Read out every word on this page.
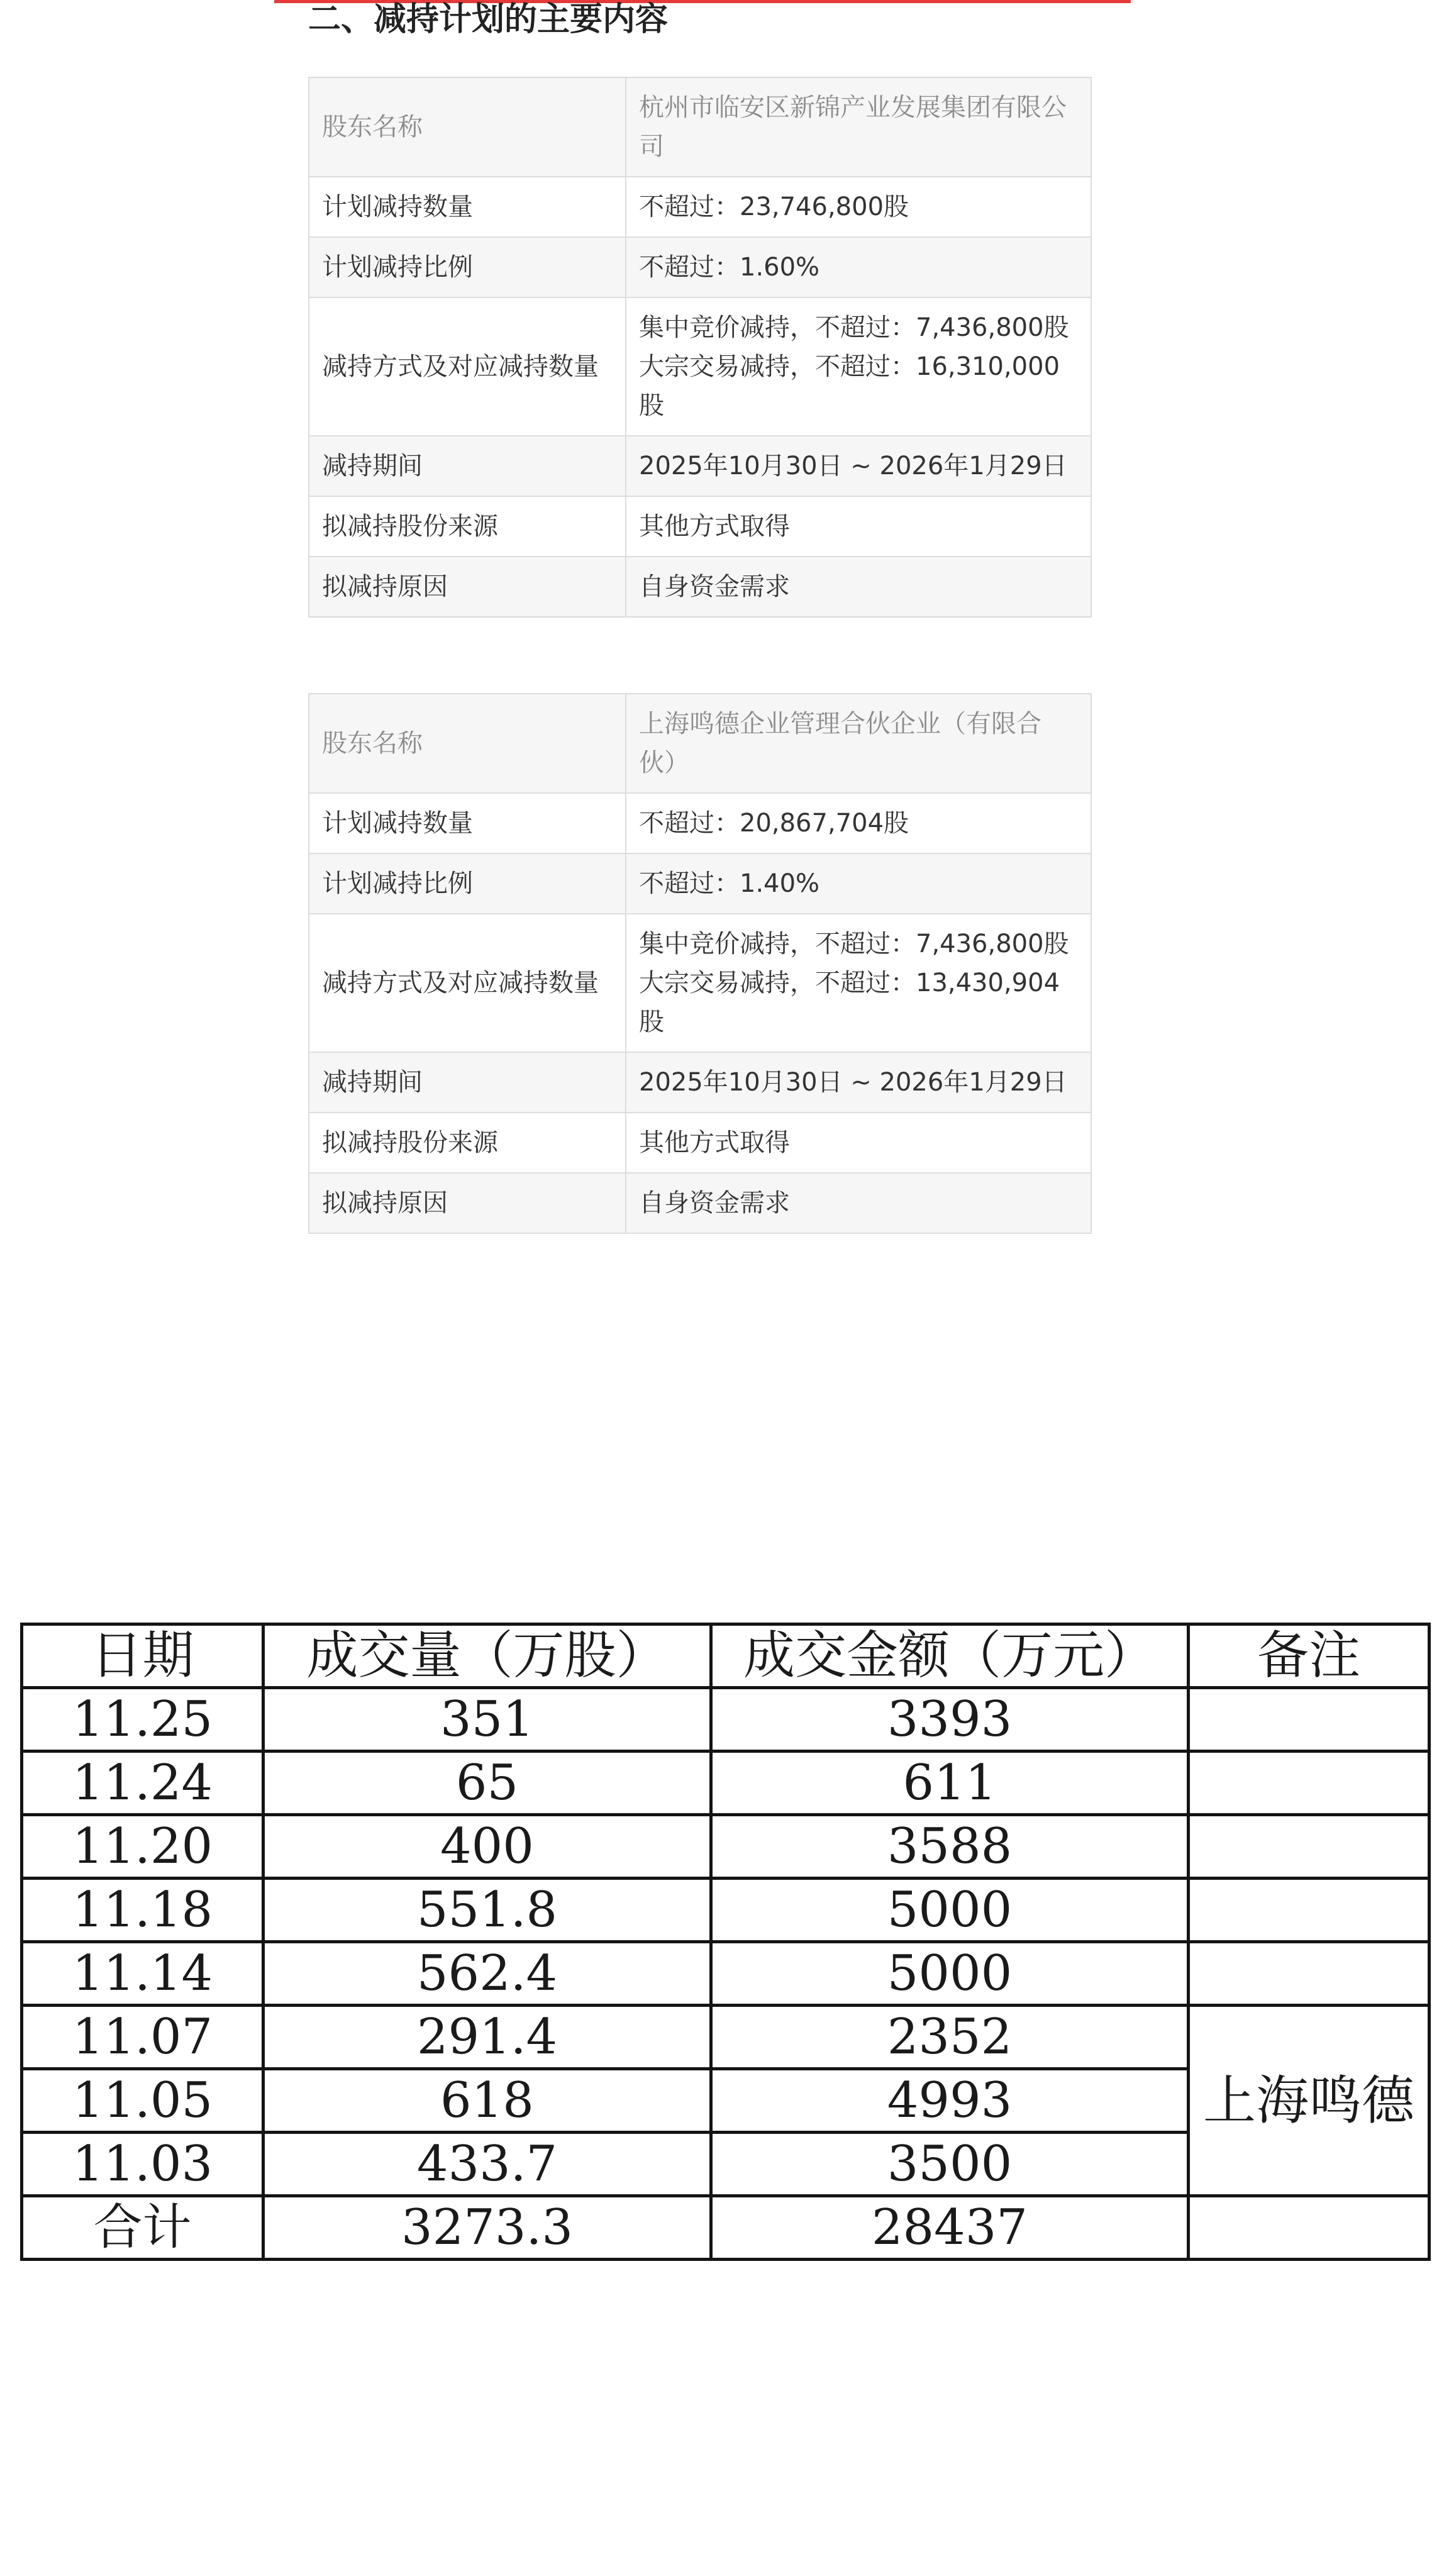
二、减持计划的主要内容
股东名称	杭州市临安区新锦产业发展集团有限公司
计划减持数量	不超过：23,746,800股
计划减持比例	不超过：1.60%
减持方式及对应减持数量	集中竞价减持，不超过：7,436,800股
大宗交易减持，不超过：16,310,000股

减持期间	2025年10月30日 ~ 2026年1月29日
拟减持股份来源	其他方式取得
拟减持原因	自身资金需求
股东名称	上海鸣德企业管理合伙企业（有限合伙）
计划减持数量	不超过：20,867,704股
计划减持比例	不超过：1.40%
减持方式及对应减持数量	集中竞价减持，不超过：7,436,800股
大宗交易减持，不超过：13,430,904股

减持期间	2025年10月30日 ~ 2026年1月29日
拟减持股份来源	其他方式取得
拟减持原因	自身资金需求
日期	成交量（万股）	成交金额（万元）	备注
11.25	351	3393	
11.24	65	611	
11.20	400	3588	
11.18	551.8	5000	
11.14	562.4	5000	
11.07	291.4	2352	上海鸣德
11.05	618	4993	
11.03	433.7	3500	
合计	3273.3	28437	
